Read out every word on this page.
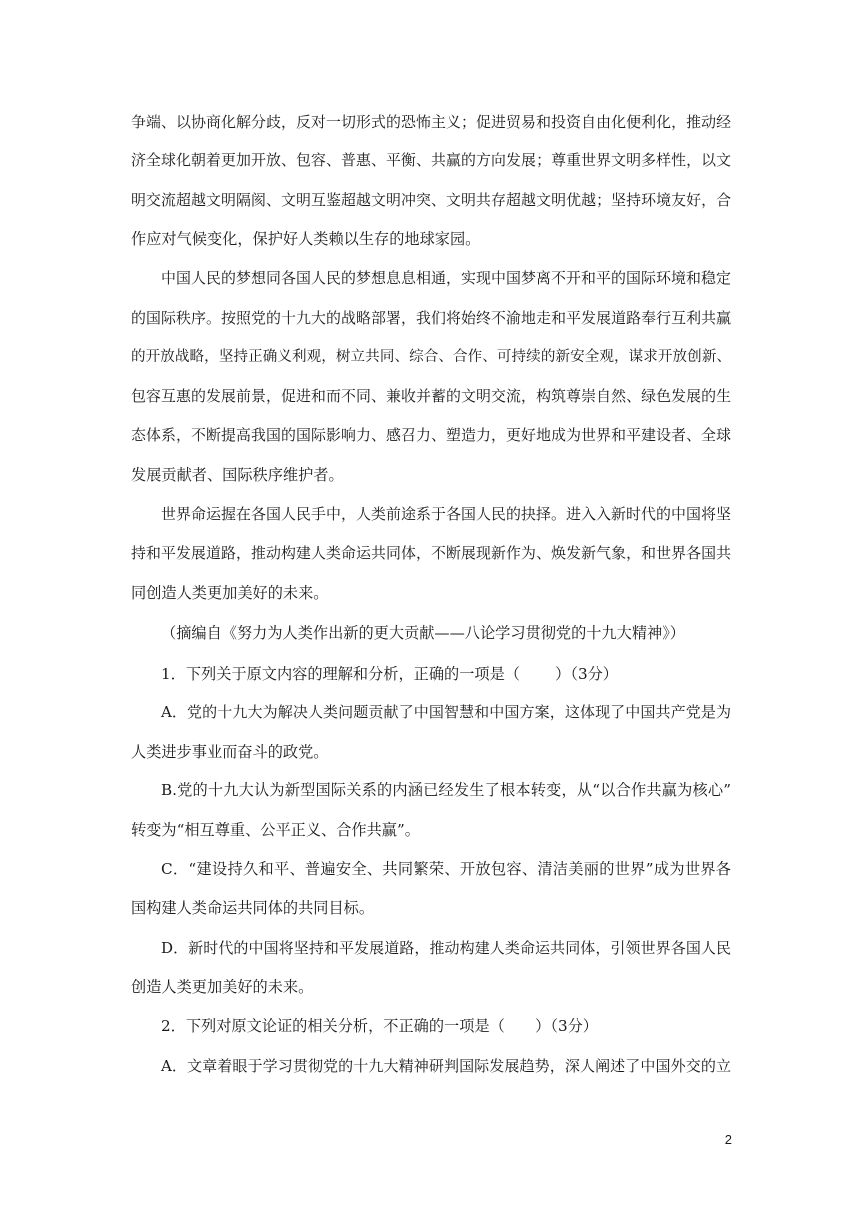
争端、以协商化解分歧，反对一切形式的恐怖主义；促进贸易和投资自由化便利化，推动经
济全球化朝着更加开放、包容、普惠、平衡、共赢的方向发展；尊重世界文明多样性，以文
明交流超越文明隔阂、文明互鉴超越文明冲突、文明共存超越文明优越；坚持环境友好，合
作应对气候变化，保护好人类赖以生存的地球家园。
中国人民的梦想同各国人民的梦想息息相通，实现中国梦离不开和平的国际环境和稳定
的国际秩序。按照党的十九大的战略部署，我们将始终不渝地走和平发展道路奉行互利共赢
的开放战略，坚持正确义利观，树立共同、综合、合作、可持续的新安全观，谋求开放创新、
包容互惠的发展前景，促进和而不同、兼收并蓄的文明交流，构筑尊崇自然、绿色发展的生
态体系，不断提高我国的国际影响力、感召力、塑造力，更好地成为世界和平建设者、全球
发展贡献者、国际秩序维护者。
世界命运握在各国人民手中，人类前途系于各国人民的抉择。进入入新时代的中国将坚
持和平发展道路，推动构建人类命运共同体，不断展现新作为、焕发新气象，和世界各国共
同创造人类更加美好的未来。
（摘编自《努力为人类作出新的更大贡献——八论学习贯彻党的十九大精神》）
1．下列关于原文内容的理解和分析，正确的一项是（　　 ）（3分）
A．党的十九大为解决人类问题贡献了中国智慧和中国方案，这体现了中国共产党是为
人类进步事业而奋斗的政党。
B.党的十九大认为新型国际关系的内涵已经发生了根本转变，从“以合作共赢为核心”
转变为“相互尊重、公平正义、合作共赢”。
C．“建设持久和平、普遍安全、共同繁荣、开放包容、清洁美丽的世界”成为世界各
国构建人类命运共同体的共同目标。
D．新时代的中国将坚持和平发展道路，推动构建人类命运共同体，引领世界各国人民
创造人类更加美好的未来。
2．下列对原文论证的相关分析，不正确的一项是（　　）（3分）
A．文章着眼于学习贯彻党的十九大精神研判国际发展趋势，深人阐述了中国外交的立
2
